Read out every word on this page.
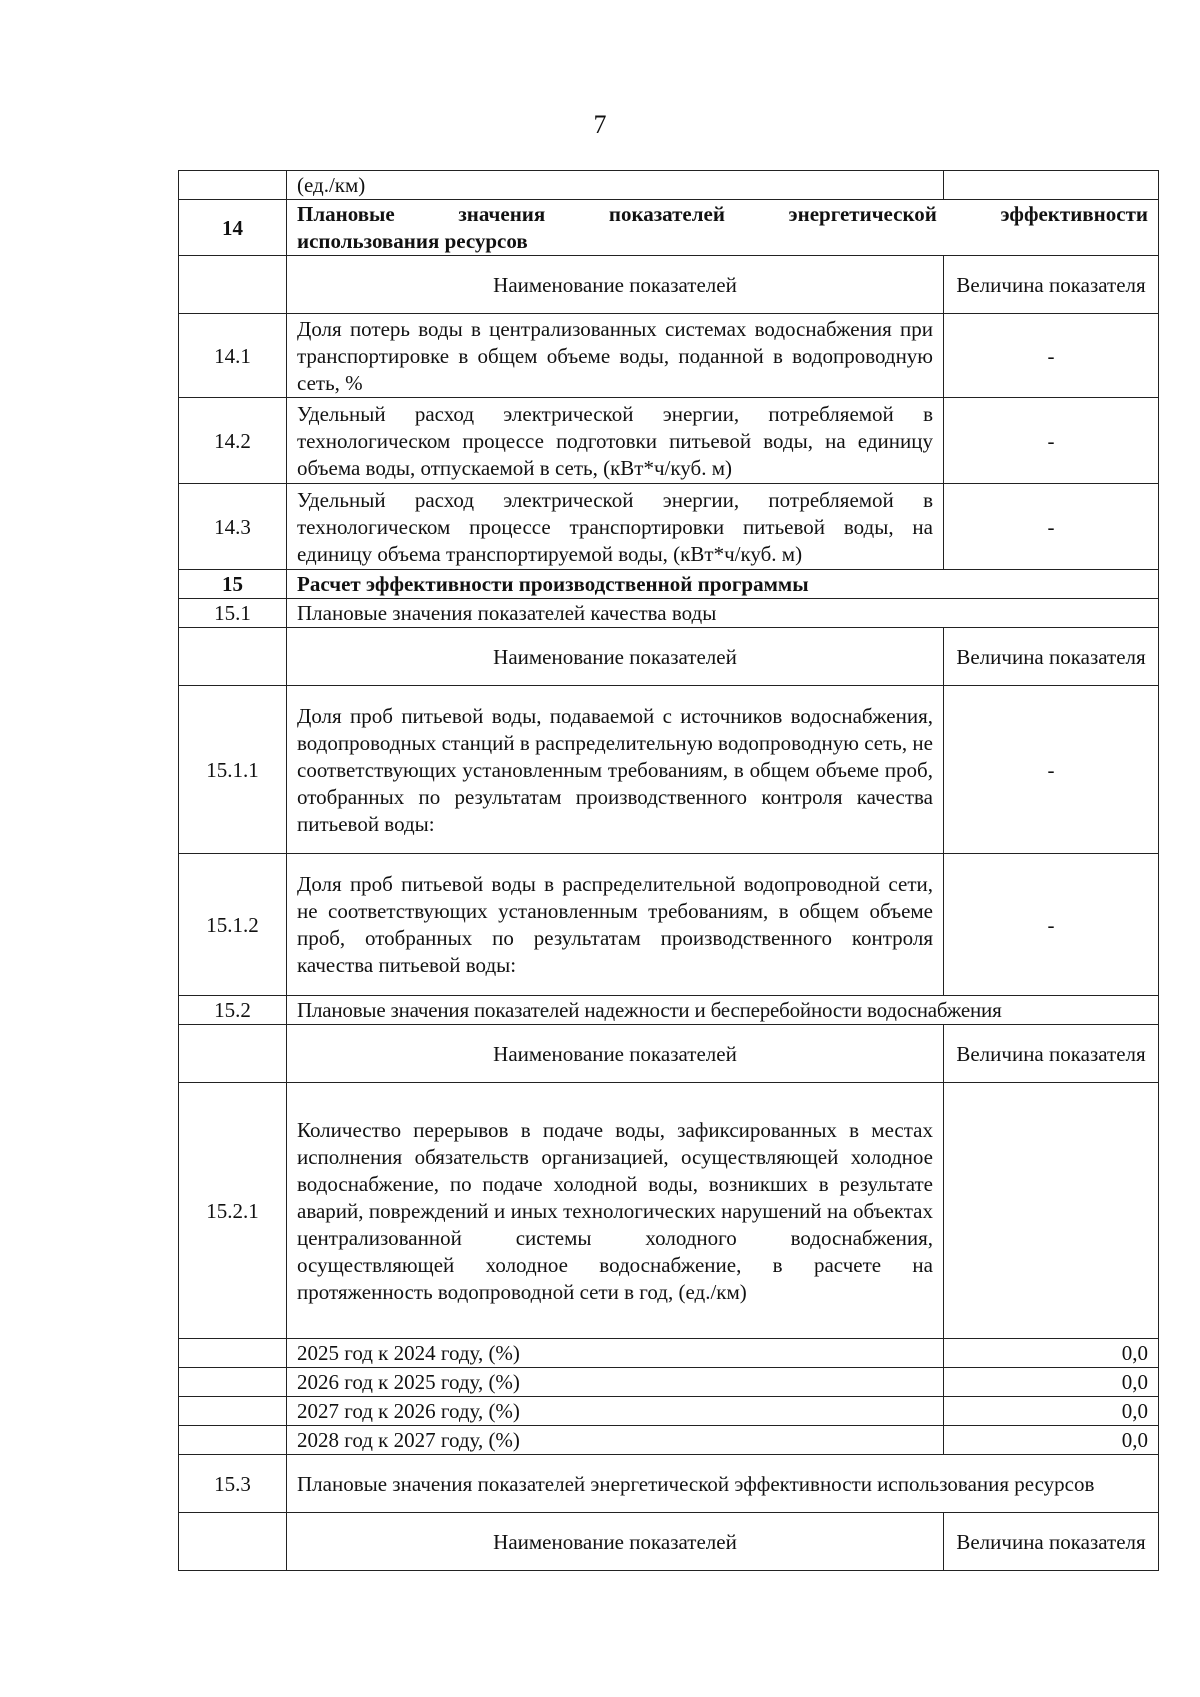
7
	(ед./км)	
14	Плановые значения показателей энергетической эффективности
использования ресурсов	

	Наименование показателей	Величина показателя
14.1	Доля потерь воды в централизованных системах водоснабжения при транспортировке в общем объеме воды, поданной в водопроводную сеть, %	-
14.2	Удельный расход электрической энергии, потребляемой в технологическом процессе подготовки питьевой воды, на единицу объема воды, отпускаемой в сеть, (кВт*ч/куб. м)	-
14.3	Удельный расход электрической энергии, потребляемой в технологическом процессе транспортировки питьевой воды, на единицу объема транспортируемой воды, (кВт*ч/куб. м)	-
15	Расчет эффективности производственной программы	
15.1	Плановые значения показателей качества воды	
	Наименование показателей	Величина показателя
15.1.1	Доля проб питьевой воды, подаваемой с источников водоснабжения, водопроводных станций в распределительную водопроводную сеть, не соответствующих установленным требованиям, в общем объеме проб, отобранных по результатам производственного контроля качества питьевой воды:	-
15.1.2	Доля проб питьевой воды в распределительной водопроводной сети, не соответствующих установленным требованиям, в общем объеме проб, отобранных по результатам производственного контроля качества питьевой воды:	-
15.2	Плановые значения показателей надежности и бесперебойности водоснабжения	
	Наименование показателей	Величина показателя
15.2.1	Количество перерывов в подаче воды, зафиксированных в местах исполнения обязательств организацией, осуществляющей холодное водоснабжение, по подаче холодной воды, возникших в результате аварий, повреждений и иных технологических нарушений на объектах централизованной системы холодного водоснабжения, осуществляющей холодное водоснабжение, в расчете на протяженность водопроводной сети в год, (ед./км)	
	2025 год к 2024 году, (%)	0,0
	2026 год к 2025 году, (%)	0,0
	2027 год к 2026 году, (%)	0,0
	2028 год к 2027 году, (%)	0,0
15.3	Плановые значения показателей энергетической эффективности использования ресурсов	
	Наименование показателей	Величина показателя
